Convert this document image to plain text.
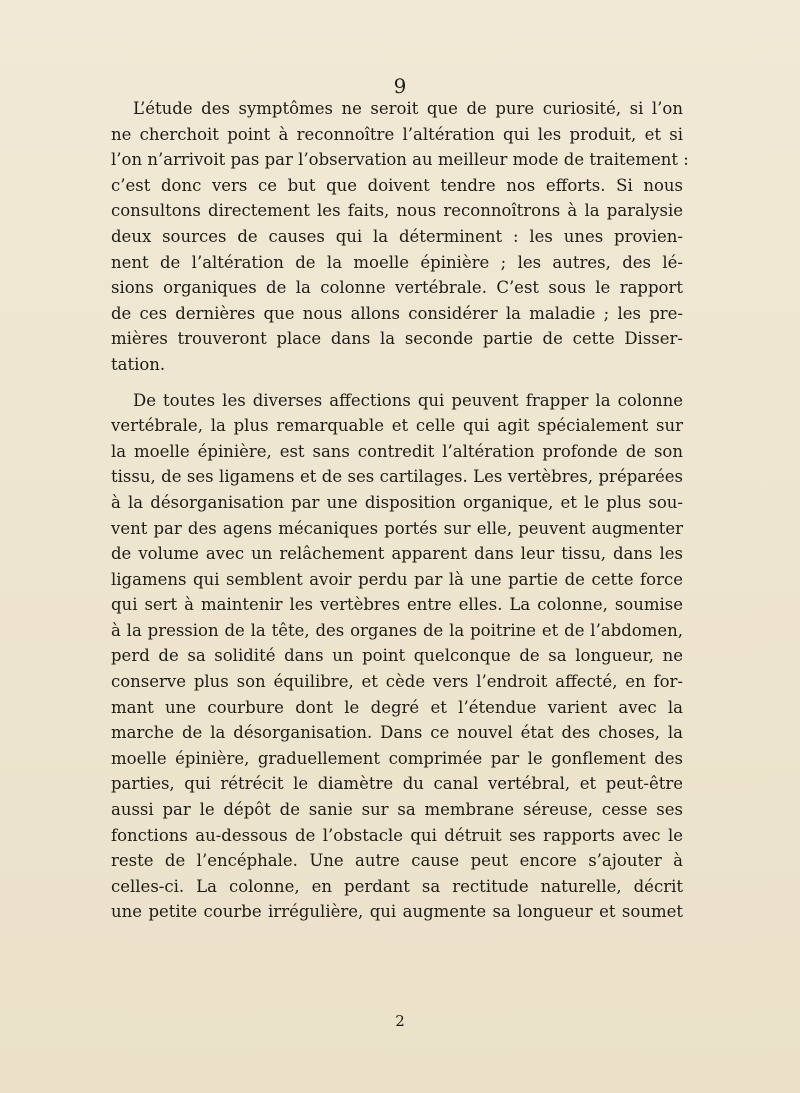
9

L’étude des symptômes ne seroit que de pure curiosité, si l’on
ne cherchoit point à reconnoître l’altération qui les produit, et si
l’on n’arrivoit pas par l’observation au meilleur mode de traitement :
c’est donc vers ce but que doivent tendre nos efforts. Si nous
consultons directement les faits, nous reconnoîtrons à la paralysie
deux sources de causes qui la déterminent : les unes provien-
nent de l’altération de la moelle épinière ; les autres, des lé-
sions organiques de la colonne vertébrale. C’est sous le rapport
de ces dernières que nous allons considérer la maladie ; les pre-
mières trouveront place dans la seconde partie de cette Disser-
tation.

De toutes les diverses affections qui peuvent frapper la colonne
vertébrale, la plus remarquable et celle qui agit spécialement sur
la moelle épinière, est sans contredit l’altération profonde de son
tissu, de ses ligamens et de ses cartilages. Les vertèbres, préparées
à la désorganisation par une disposition organique, et le plus sou-
vent par des agens mécaniques portés sur elle, peuvent augmenter
de volume avec un relâchement apparent dans leur tissu, dans les
ligamens qui semblent avoir perdu par là une partie de cette force
qui sert à maintenir les vertèbres entre elles. La colonne, soumise
à la pression de la tête, des organes de la poitrine et de l’abdomen,
perd de sa solidité dans un point quelconque de sa longueur, ne
conserve plus son équilibre, et cède vers l’endroit affecté, en for-
mant une courbure dont le degré et l’étendue varient avec la
marche de la désorganisation. Dans ce nouvel état des choses, la
moelle épinière, graduellement comprimée par le gonflement des
parties, qui rétrécit le diamètre du canal vertébral, et peut-être
aussi par le dépôt de sanie sur sa membrane séreuse, cesse ses
fonctions au-dessous de l’obstacle qui détruit ses rapports avec le
reste de l’encéphale. Une autre cause peut encore s’ajouter à
celles-ci. La colonne, en perdant sa rectitude naturelle, décrit
une petite courbe irrégulière, qui augmente sa longueur et soumet

2
